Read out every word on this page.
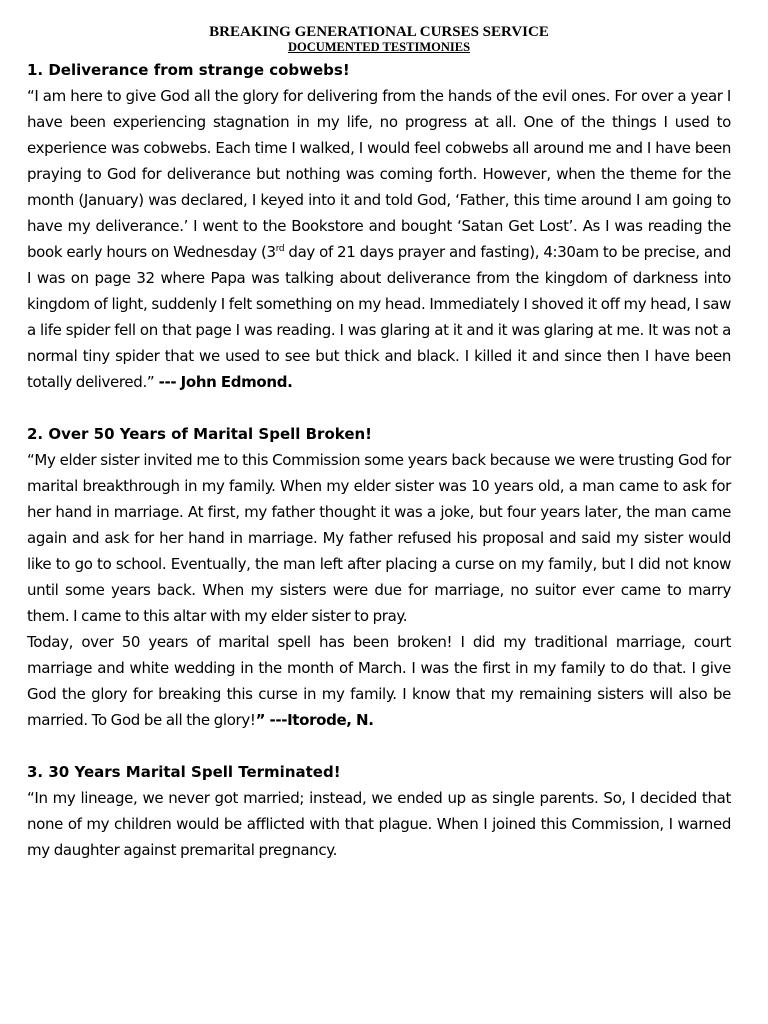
BREAKING GENERATIONAL CURSES SERVICE
DOCUMENTED TESTIMONIES
1. Deliverance from strange cobwebs!

“I am here to give God all the glory for delivering from the hands of the evil ones. For over a year I have been experiencing stagnation in my life, no progress at all. One of the things I used to experience was cobwebs. Each time I walked, I would feel cobwebs all around me and I have been praying to God for deliverance but nothing was coming forth. However, when the theme for the month (January) was declared, I keyed into it and told God, ‘Father, this time around I am going to have my deliverance.’ I went to the Bookstore and bought ‘Satan Get Lost’. As I was reading the book early hours on Wednesday (3rd day of 21 days prayer and fasting), 4:30am to be precise, and I was on page 32 where Papa was talking about deliverance from the kingdom of darkness into kingdom of light, suddenly I felt something on my head. Immediately I shoved it off my head, I saw a life spider fell on that page I was reading. I was glaring at it and it was glaring at me. It was not a normal tiny spider that we used to see but thick and black. I killed it and since then I have been totally delivered.” --- John Edmond.

2. Over 50 Years of Marital Spell Broken!

“My elder sister invited me to this Commission some years back because we were trusting God for marital breakthrough in my family. When my elder sister was 10 years old, a man came to ask for her hand in marriage. At first, my father thought it was a joke, but four years later, the man came again and ask for her hand in marriage. My father refused his proposal and said my sister would like to go to school. Eventually, the man left after placing a curse on my family, but I did not know until some years back. When my sisters were due for marriage, no suitor ever came to marry them. I came to this altar with my elder sister to pray.

Today, over 50 years of marital spell has been broken! I did my traditional marriage, court marriage and white wedding in the month of March. I was the first in my family to do that. I give God the glory for breaking this curse in my family. I know that my remaining sisters will also be married. To God be all the glory!” ---Itorode, N.

3. 30 Years Marital Spell Terminated!

“In my lineage, we never got married; instead, we ended up as single parents. So, I decided that none of my children would be afflicted with that plague. When I joined this Commission, I warned my daughter against premarital pregnancy.
